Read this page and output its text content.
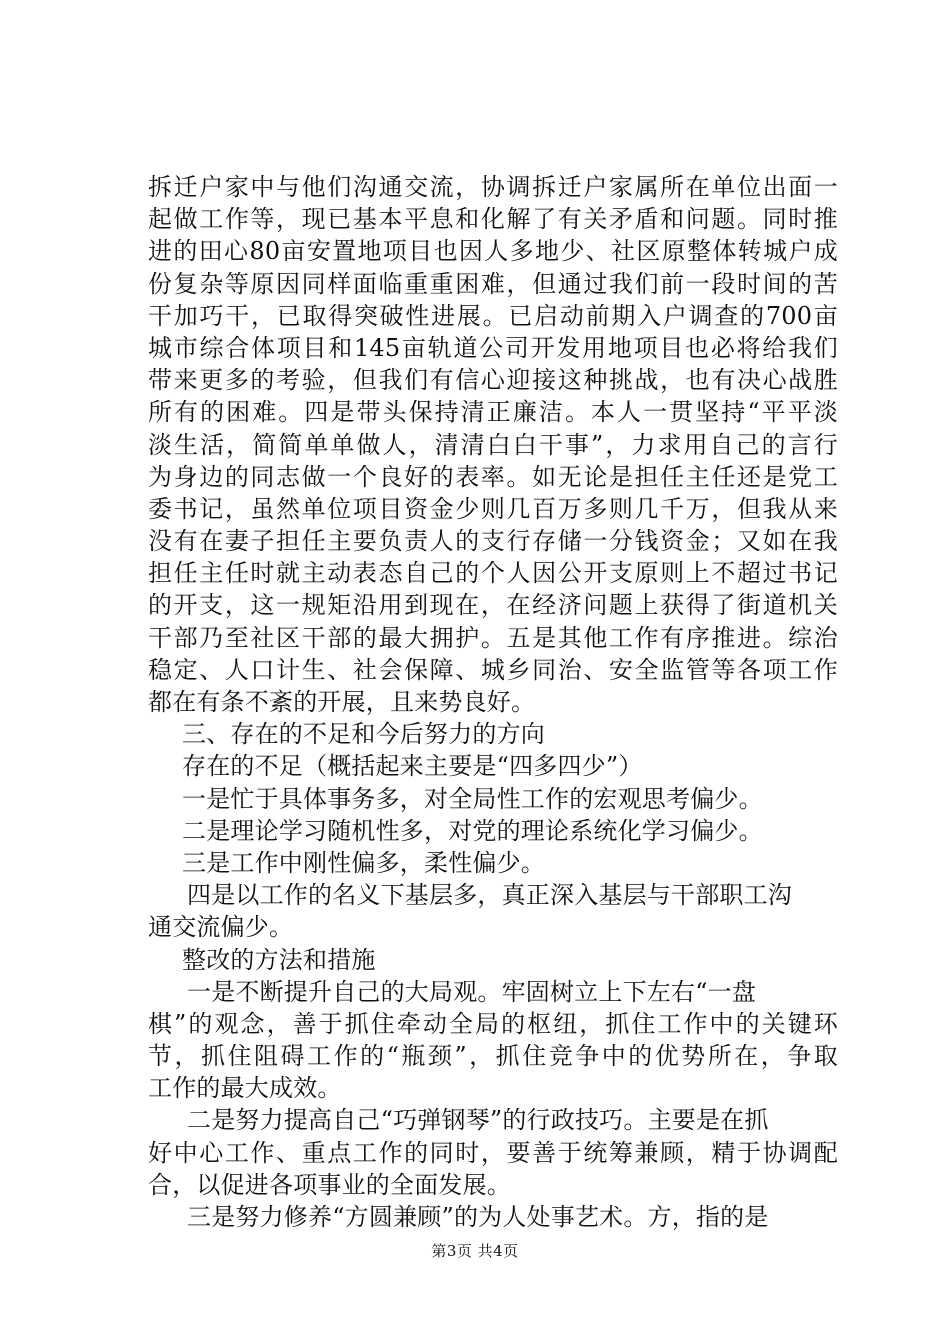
拆迁户家中与他们沟通交流，协调拆迁户家属所在单位出面一
起做工作等，现已基本平息和化解了有关矛盾和问题。同时推
进的田心80亩安置地项目也因人多地少、社区原整体转城户成
份复杂等原因同样面临重重困难，但通过我们前一段时间的苦
干加巧干，已取得突破性进展。已启动前期入户调查的700亩
城市综合体项目和145亩轨道公司开发用地项目也必将给我们
带来更多的考验，但我们有信心迎接这种挑战，也有决心战胜
所有的困难。四是带头保持清正廉洁。本人一贯坚持“平平淡
淡生活，简简单单做人，清清白白干事”，力求用自己的言行
为身边的同志做一个良好的表率。如无论是担任主任还是党工
委书记，虽然单位项目资金少则几百万多则几千万，但我从来
没有在妻子担任主要负责人的支行存储一分钱资金；又如在我
担任主任时就主动表态自己的个人因公开支原则上不超过书记
的开支，这一规矩沿用到现在，在经济问题上获得了街道机关
干部乃至社区干部的最大拥护。五是其他工作有序推进。综治
稳定、人口计生、社会保障、城乡同治、安全监管等各项工作
都在有条不紊的开展，且来势良好。
三、存在的不足和今后努力的方向
存在的不足（概括起来主要是“四多四少”）
一是忙于具体事务多，对全局性工作的宏观思考偏少。
二是理论学习随机性多，对党的理论系统化学习偏少。
三是工作中刚性偏多，柔性偏少。
四是以工作的名义下基层多，真正深入基层与干部职工沟
通交流偏少。
整改的方法和措施
一是不断提升自己的大局观。牢固树立上下左右“一盘
棋”的观念，善于抓住牵动全局的枢纽，抓住工作中的关键环
节，抓住阻碍工作的“瓶颈”，抓住竞争中的优势所在，争取
工作的最大成效。
二是努力提高自己“巧弹钢琴”的行政技巧。主要是在抓
好中心工作、重点工作的同时，要善于统筹兼顾，精于协调配
合，以促进各项事业的全面发展。
三是努力修养“方圆兼顾”的为人处事艺术。方，指的是
第3页 共4页
